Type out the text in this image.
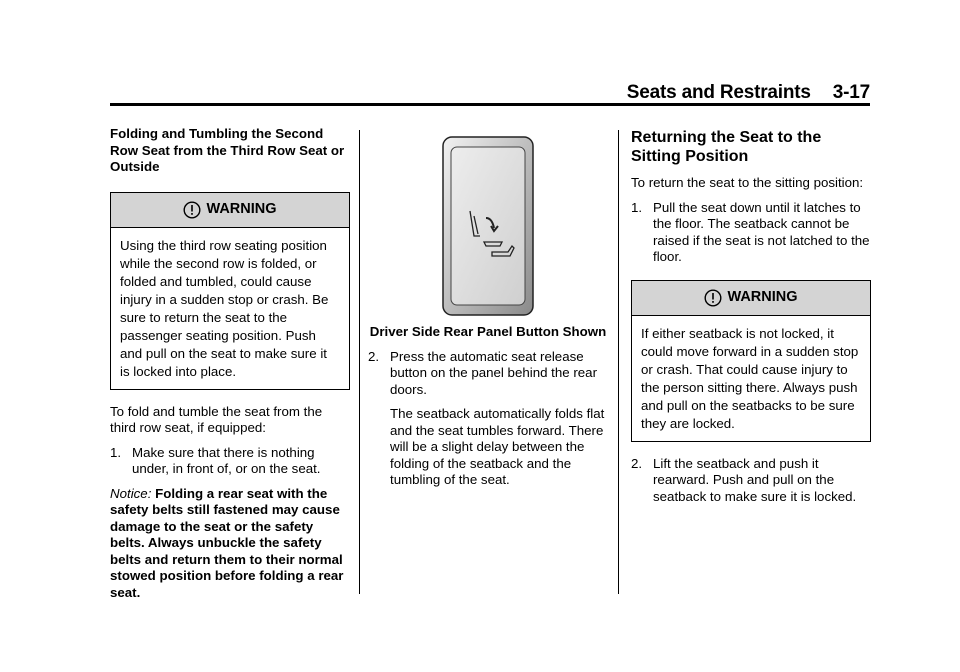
Seats and Restraints 3-17

Folding and Tumbling the Second Row Seat from the Third Row Seat or Outside

WARNING
Using the third row seating position while the second row is folded, or folded and tumbled, could cause injury in a sudden stop or crash. Be sure to return the seat to the passenger seating position. Push and pull on the seat to make sure it is locked into place.

To fold and tumble the seat from the third row seat, if equipped:

1. Make sure that there is nothing under, in front of, or on the seat.

Notice: Folding a rear seat with the safety belts still fastened may cause damage to the seat or the safety belts. Always unbuckle the safety belts and return them to their normal stowed position before folding a rear seat.

Driver Side Rear Panel Button Shown

2. Press the automatic seat release button on the panel behind the rear doors.

The seatback automatically folds flat and the seat tumbles forward. There will be a slight delay between the folding of the seatback and the tumbling of the seat.

Returning the Seat to the Sitting Position

To return the seat to the sitting position:

1. Pull the seat down until it latches to the floor. The seatback cannot be raised if the seat is not latched to the floor.
WARNING
If either seatback is not locked, it could move forward in a sudden stop or crash. That could cause injury to the person sitting there. Always push and pull on the seatbacks to be sure they are locked.
2. Lift the seatback and push it rearward. Push and pull on the seatback to make sure it is locked.
